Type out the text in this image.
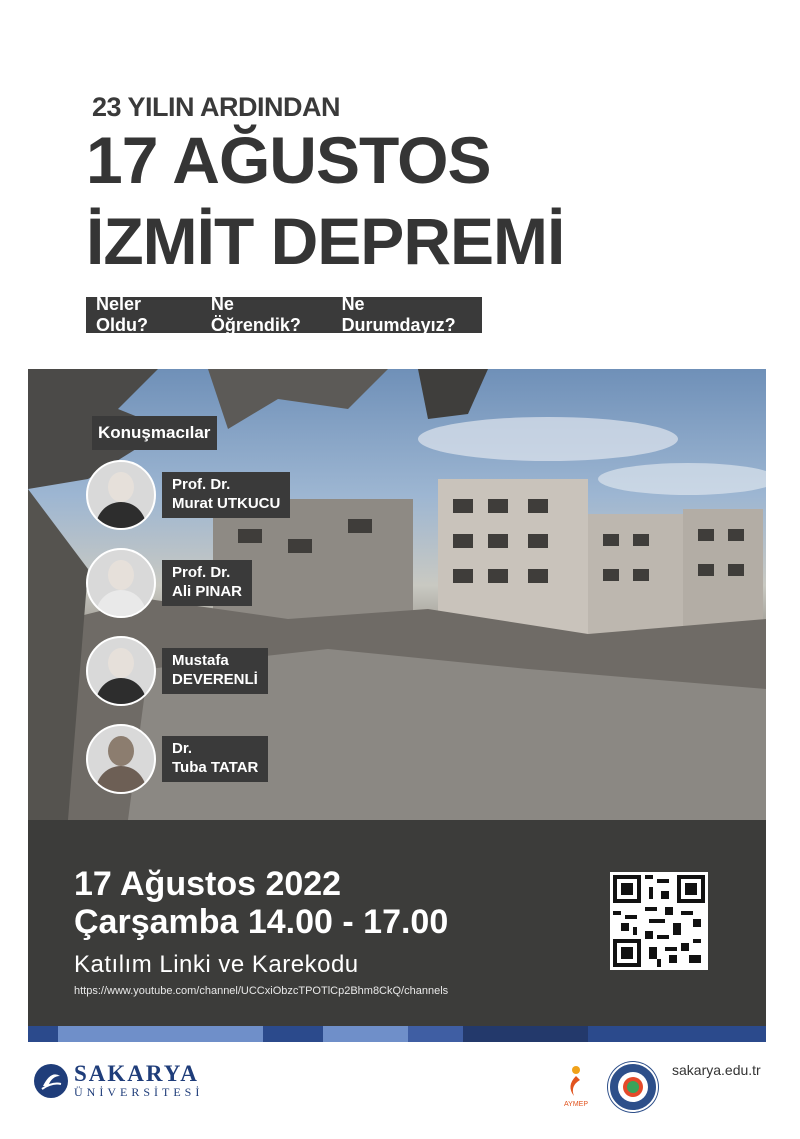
23 YILIN ARDINDAN
17 AĞUSTOS
İZMİT DEPREMİ
Neler Oldu?
Ne Öğrendik?
Ne Durumdayız?
Konuşmacılar
Prof. Dr.
Murat UTKUCU
Prof. Dr.
Ali PINAR
Mustafa
DEVERENLİ
Dr.
Tuba TATAR
17 Ağustos 2022
Çarşamba 14.00 - 17.00
Katılım Linki ve Karekodu
https://www.youtube.com/channel/UCCxiObzcTPOTlCp2Bhm8CkQ/channels
SAKARYA
ÜNİVERSİTESİ
AYMEP
sakarya.edu.tr
